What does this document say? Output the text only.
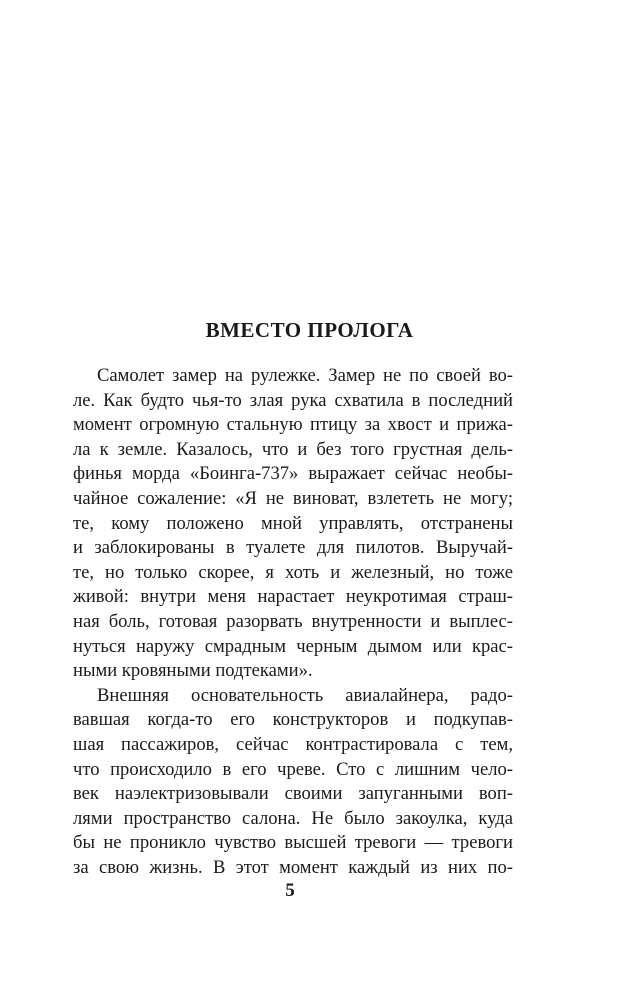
ВМЕСТО ПРОЛОГА
Самолет замер на рулежке. Замер не по своей во-
ле. Как будто чья-то злая рука схватила в последний
момент огромную стальную птицу за хвост и прижа-
ла к земле. Казалось, что и без того грустная дель-
финья морда «Боинга-737» выражает сейчас необы-
чайное сожаление: «Я не виноват, взлететь не могу;
те, кому положено мной управлять, отстранены
и заблокированы в туалете для пилотов. Выручай-
те, но только скорее, я хоть и железный, но тоже
живой: внутри меня нарастает неукротимая страш-
ная боль, готовая разорвать внутренности и выплес-
нуться наружу смрадным черным дымом или крас-
ными кровяными подтеками».
Внешняя основательность авиалайнера, радо-
вавшая когда-то его конструкторов и подкупав-
шая пассажиров, сейчас контрастировала с тем,
что происходило в его чреве. Сто с лишним чело-
век наэлектризовывали своими запуганными воп-
лями пространство салона. Не было закоулка, куда
бы не проникло чувство высшей тревоги — тревоги
за свою жизнь. В этот момент каждый из них по-
5
